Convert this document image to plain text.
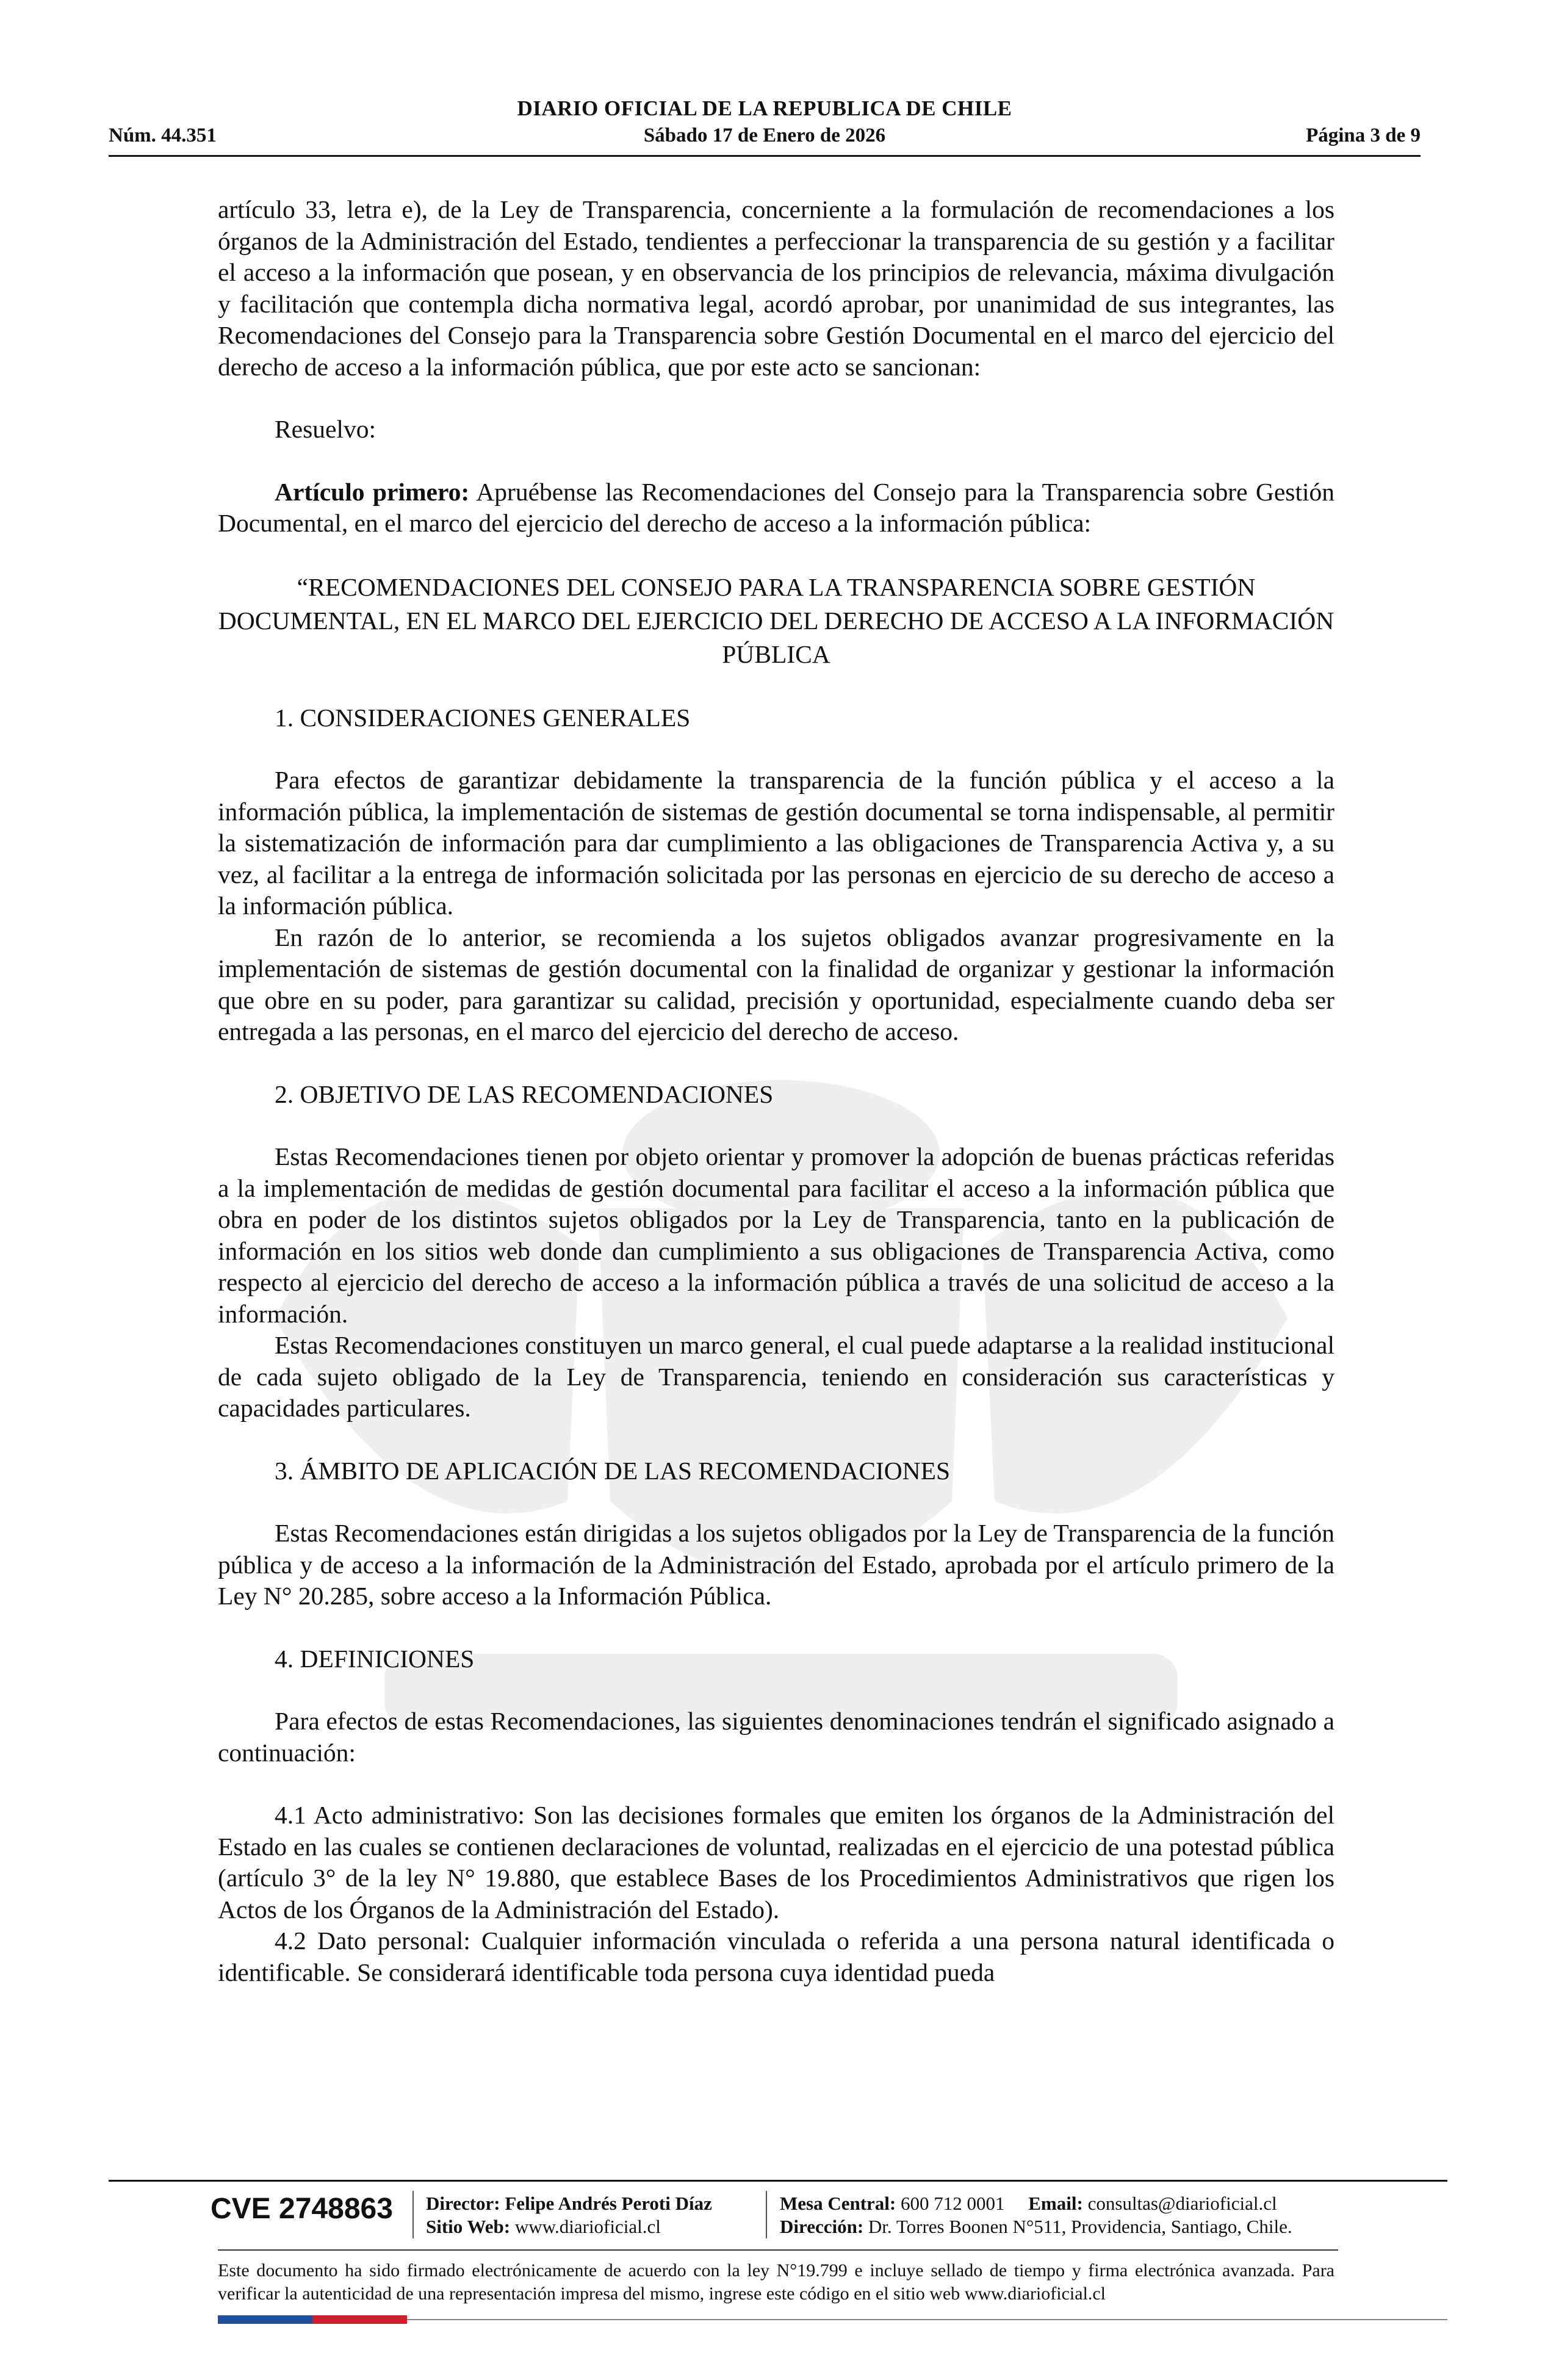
DIARIO OFICIAL DE LA REPUBLICA DE CHILE
Núm. 44.351	Sábado 17 de Enero de 2026	Página 3 de 9

artículo 33, letra e), de la Ley de Transparencia, concerniente a la formulación de recomendaciones a los órganos de la Administración del Estado, tendientes a perfeccionar la transparencia de su gestión y a facilitar el acceso a la información que posean, y en observancia de los principios de relevancia, máxima divulgación y facilitación que contempla dicha normativa legal, acordó aprobar, por unanimidad de sus integrantes, las Recomendaciones del Consejo para la Transparencia sobre Gestión Documental en el marco del ejercicio del derecho de acceso a la información pública, que por este acto se sancionan:

Resuelvo:

Artículo primero: Apruébense las Recomendaciones del Consejo para la Transparencia sobre Gestión Documental, en el marco del ejercicio del derecho de acceso a la información pública:

“RECOMENDACIONES DEL CONSEJO PARA LA TRANSPARENCIA SOBRE GESTIÓN DOCUMENTAL, EN EL MARCO DEL EJERCICIO DEL DERECHO DE ACCESO A LA INFORMACIÓN PÚBLICA

1. CONSIDERACIONES GENERALES

Para efectos de garantizar debidamente la transparencia de la función pública y el acceso a la información pública, la implementación de sistemas de gestión documental se torna indispensable, al permitir la sistematización de información para dar cumplimiento a las obligaciones de Transparencia Activa y, a su vez, al facilitar a la entrega de información solicitada por las personas en ejercicio de su derecho de acceso a la información pública.

En razón de lo anterior, se recomienda a los sujetos obligados avanzar progresivamente en la implementación de sistemas de gestión documental con la finalidad de organizar y gestionar la información que obre en su poder, para garantizar su calidad, precisión y oportunidad, especialmente cuando deba ser entregada a las personas, en el marco del ejercicio del derecho de acceso.

2. OBJETIVO DE LAS RECOMENDACIONES

Estas Recomendaciones tienen por objeto orientar y promover la adopción de buenas prácticas referidas a la implementación de medidas de gestión documental para facilitar el acceso a la información pública que obra en poder de los distintos sujetos obligados por la Ley de Transparencia, tanto en la publicación de información en los sitios web donde dan cumplimiento a sus obligaciones de Transparencia Activa, como respecto al ejercicio del derecho de acceso a la información pública a través de una solicitud de acceso a la información.

Estas Recomendaciones constituyen un marco general, el cual puede adaptarse a la realidad institucional de cada sujeto obligado de la Ley de Transparencia, teniendo en consideración sus características y capacidades particulares.

3. ÁMBITO DE APLICACIÓN DE LAS RECOMENDACIONES

Estas Recomendaciones están dirigidas a los sujetos obligados por la Ley de Transparencia de la función pública y de acceso a la información de la Administración del Estado, aprobada por el artículo primero de la Ley N° 20.285, sobre acceso a la Información Pública.

4. DEFINICIONES

Para efectos de estas Recomendaciones, las siguientes denominaciones tendrán el significado asignado a continuación:

4.1 Acto administrativo: Son las decisiones formales que emiten los órganos de la Administración del Estado en las cuales se contienen declaraciones de voluntad, realizadas en el ejercicio de una potestad pública (artículo 3° de la ley N° 19.880, que establece Bases de los Procedimientos Administrativos que rigen los Actos de los Órganos de la Administración del Estado).

4.2 Dato personal: Cualquier información vinculada o referida a una persona natural identificada o identificable. Se considerará identificable toda persona cuya identidad pueda

CVE 2748863 Director: Felipe Andrés Peroti Díaz
Sitio Web: www.diarioficial.cl
Mesa Central: 600 712 0001 Email: consultas@diarioficial.cl
Dirección: Dr. Torres Boonen N°511, Providencia, Santiago, Chile.
Este documento ha sido firmado electrónicamente de acuerdo con la ley N°19.799 e incluye sellado de tiempo y firma electrónica avanzada. Para verificar la autenticidad de una representación impresa del mismo, ingrese este código en el sitio web www.diarioficial.cl
